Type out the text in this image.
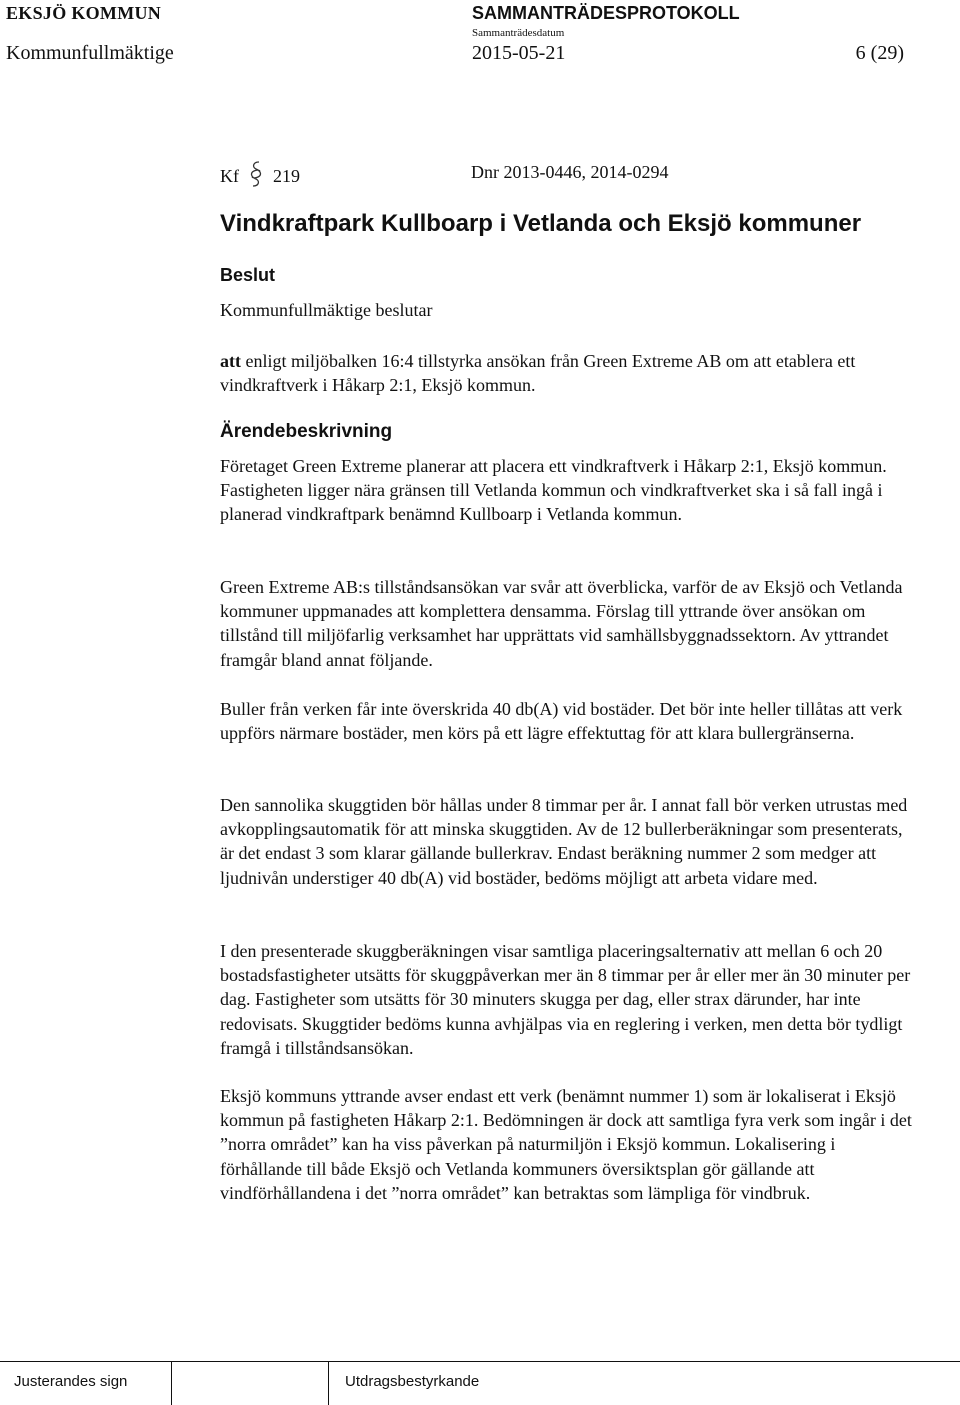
EKSJÖ KOMMUN	SAMMANTRÄDESPROTOKOLL
Sammanträdesdatum
Kommunfullmäktige	2015-05-21	6 (29)
Kf 219	Dnr 2013-0446, 2014-0294
Vindkraftpark Kullboarp i Vetlanda och Eksjö kommuner
Beslut
Kommunfullmäktige beslutar
att enligt miljöbalken 16:4 tillstyrka ansökan från Green Extreme AB om att etablera ett vindkraftverk i Håkarp 2:1, Eksjö kommun.
Ärendebeskrivning
Företaget Green Extreme planerar att placera ett vindkraftverk i Håkarp 2:1, Eksjö kommun. Fastigheten ligger nära gränsen till Vetlanda kommun och vindkraftverket ska i så fall ingå i planerad vindkraftpark benämnd Kullboarp i Vetlanda kommun.
Green Extreme AB:s tillståndsansökan var svår att överblicka, varför de av Eksjö och Vetlanda kommuner uppmanades att komplettera densamma. Förslag till yttrande över ansökan om tillstånd till miljöfarlig verksamhet har upprättats vid samhällsbyggnadssektorn. Av yttrandet framgår bland annat följande.
Buller från verken får inte överskrida 40 db(A) vid bostäder. Det bör inte heller tillåtas att verk uppförs närmare bostäder, men körs på ett lägre effektuttag för att klara bullergränserna.
Den sannolika skuggtiden bör hållas under 8 timmar per år. I annat fall bör verken utrustas med avkopplingsautomatik för att minska skuggtiden. Av de 12 bullerberäkningar som presenterats, är det endast 3 som klarar gällande bullerkrav. Endast beräkning nummer 2 som medger att ljudnivån understiger 40 db(A) vid bostäder, bedöms möjligt att arbeta vidare med.
I den presenterade skuggberäkningen visar samtliga placeringsalternativ att mellan 6 och 20 bostadsfastigheter utsätts för skuggpåverkan mer än 8 timmar per år eller mer än 30 minuter per dag. Fastigheter som utsätts för 30 minuters skugga per dag, eller strax därunder, har inte redovisats. Skuggtider bedöms kunna avhjälpas via en reglering i verken, men detta bör tydligt framgå i tillståndsansökan.
Eksjö kommuns yttrande avser endast ett verk (benämnt nummer 1) som är lokaliserat i Eksjö kommun på fastigheten Håkarp 2:1. Bedömningen är dock att samtliga fyra verk som ingår i det ”norra området” kan ha viss påverkan på naturmiljön i Eksjö kommun. Lokalisering i förhållande till både Eksjö och Vetlanda kommuners översiktsplan gör gällande att vindförhållandena i det ”norra området” kan betraktas som lämpliga för vindbruk.
Justerandes sign	Utdragsbestyrkande
